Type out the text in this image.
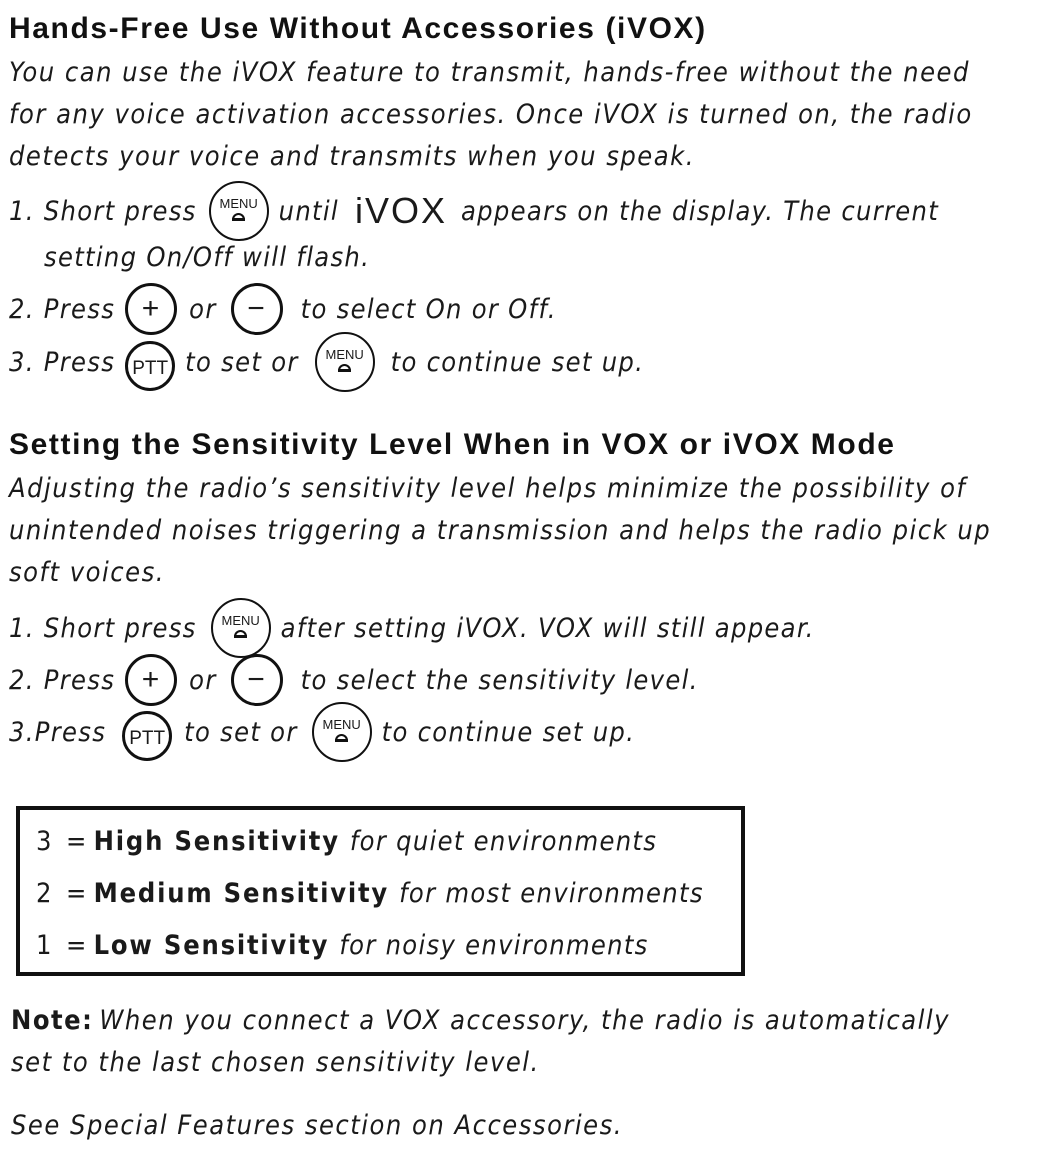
Hands-Free Use Without Accessories (iVOX)
You can use the iVOX feature to transmit, hands-free without the need
for any voice activation accessories. Once iVOX is turned on, the radio
detects your voice and transmits when you speak.
1. Short press MENU until iVOX appears on the display. The current
setting On/Off will flash.
2. Press +	or	−	to select On or Off.
3. Press PTT to set or MENU to continue set up.
Setting the Sensitivity Level When in VOX or iVOX Mode
Adjusting the radio’s sensitivity level helps minimize the possibility of
unintended noises triggering a transmission and helps the radio pick up
soft voices.
1. Short press MENU after setting iVOX. VOX will still appear.
2. Press +	or	−	to select the sensitivity level.
3.Press	PTT to set or MENU to continue set up.
3 = High Sensitivity for quiet environments
2 = Medium Sensitivity for most environments
1 = Low Sensitivity for noisy environments
Note: When you connect a VOX accessory, the radio is automatically
set to the last chosen sensitivity level.
See Special Features section on Accessories.
